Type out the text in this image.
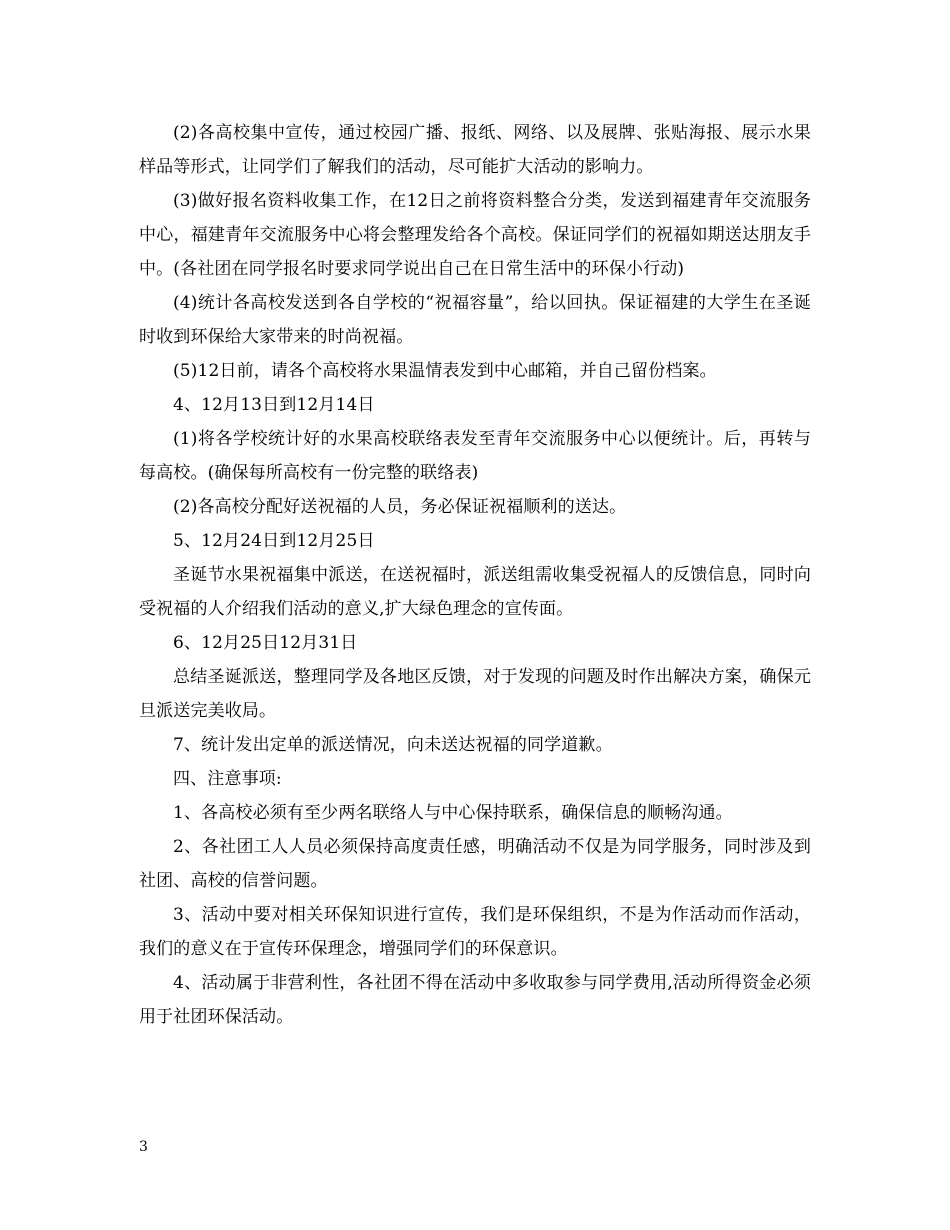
(2)各高校集中宣传，通过校园广播、报纸、网络、以及展牌、张贴海报、展示水果样品等形式，让同学们了解我们的活动，尽可能扩大活动的影响力。

(3)做好报名资料收集工作，在12日之前将资料整合分类，发送到福建青年交流服务中心，福建青年交流服务中心将会整理发给各个高校。保证同学们的祝福如期送达朋友手中。(各社团在同学报名时要求同学说出自己在日常生活中的环保小行动)

(4)统计各高校发送到各自学校的“祝福容量”，给以回执。保证福建的大学生在圣诞时收到环保给大家带来的时尚祝福。

(5)12日前，请各个高校将水果温情表发到中心邮箱，并自己留份档案。

4、12月13日到12月14日

(1)将各学校统计好的水果高校联络表发至青年交流服务中心以便统计。后，再转与每高校。(确保每所高校有一份完整的联络表)

(2)各高校分配好送祝福的人员，务必保证祝福顺利的送达。

5、12月24日到12月25日

圣诞节水果祝福集中派送，在送祝福时，派送组需收集受祝福人的反馈信息，同时向受祝福的人介绍我们活动的意义,扩大绿色理念的宣传面。

6、12月25日12月31日

总结圣诞派送，整理同学及各地区反馈，对于发现的问题及时作出解决方案，确保元旦派送完美收局。

7、统计发出定单的派送情况，向未送达祝福的同学道歉。

四、注意事项:

1、各高校必须有至少两名联络人与中心保持联系，确保信息的顺畅沟通。

2、各社团工人人员必须保持高度责任感，明确活动不仅是为同学服务，同时涉及到社团、高校的信誉问题。

3、活动中要对相关环保知识进行宣传，我们是环保组织，不是为作活动而作活动，我们的意义在于宣传环保理念，增强同学们的环保意识。

4、活动属于非营利性，各社团不得在活动中多收取参与同学费用,活动所得资金必须用于社团环保活动。

3
